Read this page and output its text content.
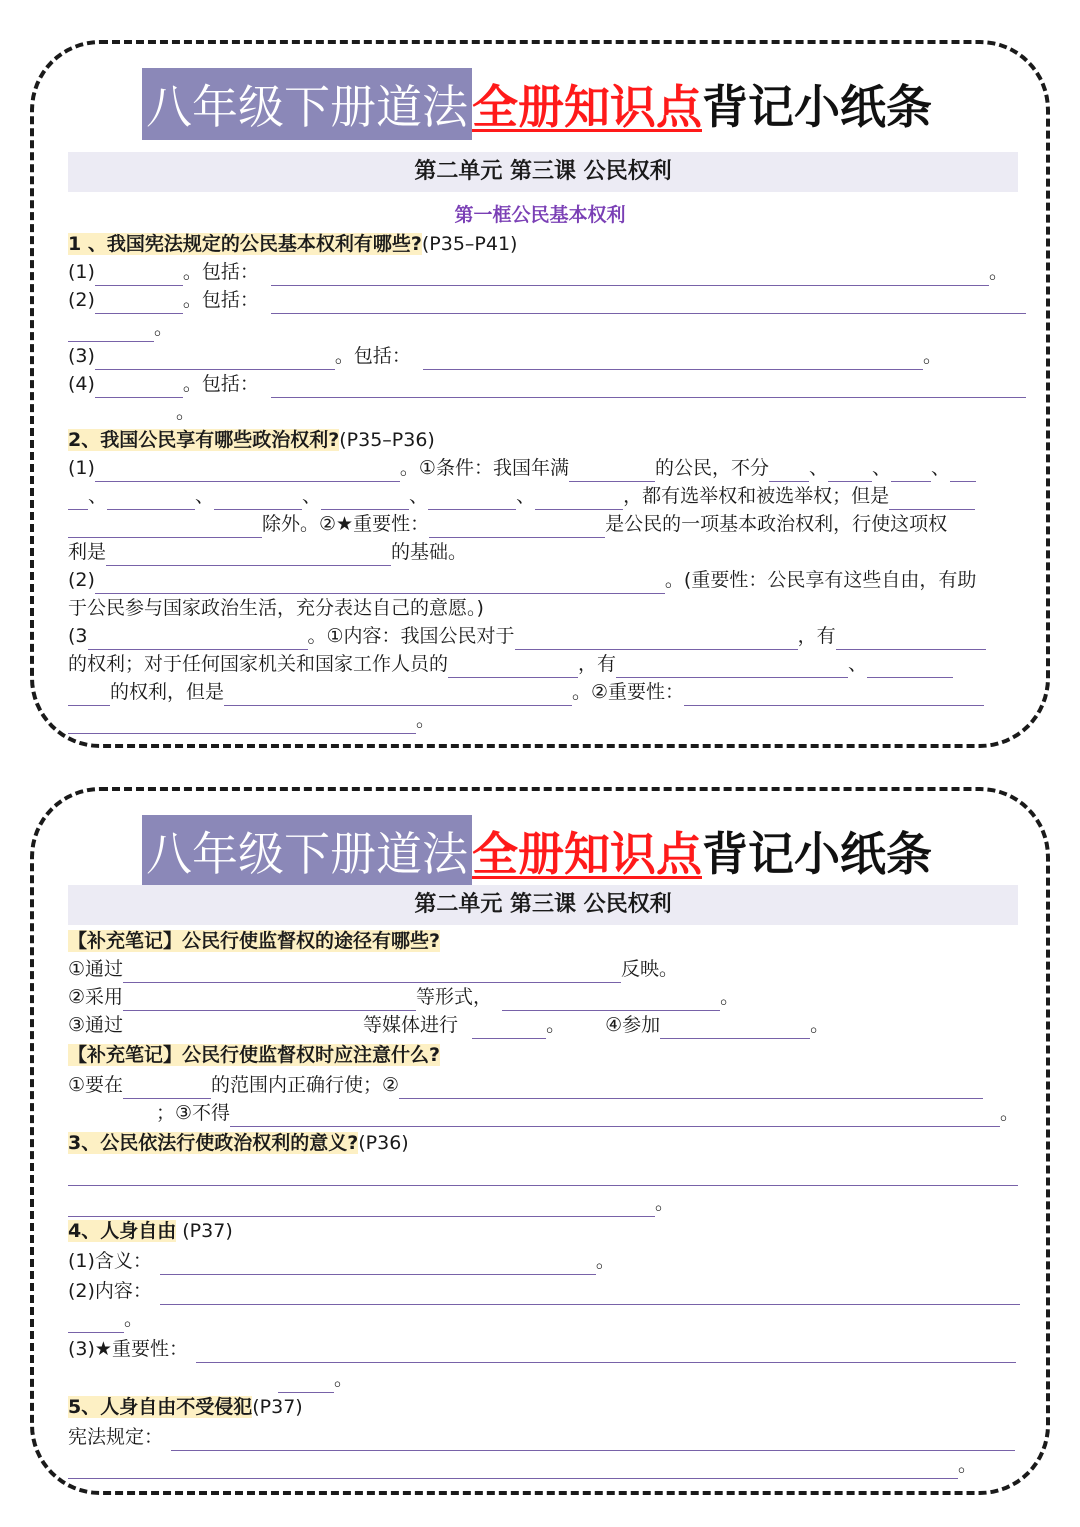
八年级下册道法 全册知识点 背记小纸条
第二单元 第三课 公民权利
第一框公民基本权利
1 、我国宪法规定的公民基本权利有哪些?(P35–P41)
(1)	。包括：	。
(2)	。包括：
。
(3)	。包括：	。
(4)	。包括：
。
2、我国公民享有哪些政治权利?(P35–P36)
(1)	。①条件：我国年满	的公民，不分 、 、 、
、	、	、	、	、	，都有选举权和被选举权；但是
除外。②★重要性：	是公民的一项基本政治权利，行使这项权
利是	的基础。
(2)	。(重要性：公民享有这些自由，有助
于公民参与国家政治生活，充分表达自己的意愿。)
(3	。①内容：我国公民对于	，有
的权利；对于任何国家机关和国家工作人员的	，有	、
的权利，但是	。②重要性：
。
八年级下册道法 全册知识点 背记小纸条
第二单元 第三课 公民权利
【补充笔记】公民行使监督权的途径有哪些?
①通过	反映。
②采用	等形式，	。
③通过	等媒体进行	。 ④参加	。
【补充笔记】公民行使监督权时应注意什么?
①要在	的范围内正确行使；②
；③不得	。
3、公民依法行使政治权利的意义?(P36)
。
4、人身自由 (P37)
(1)含义：	。
(2)内容：
。
(3)★重要性：
。
5、人身自由不受侵犯(P37)
宪法规定：
。
